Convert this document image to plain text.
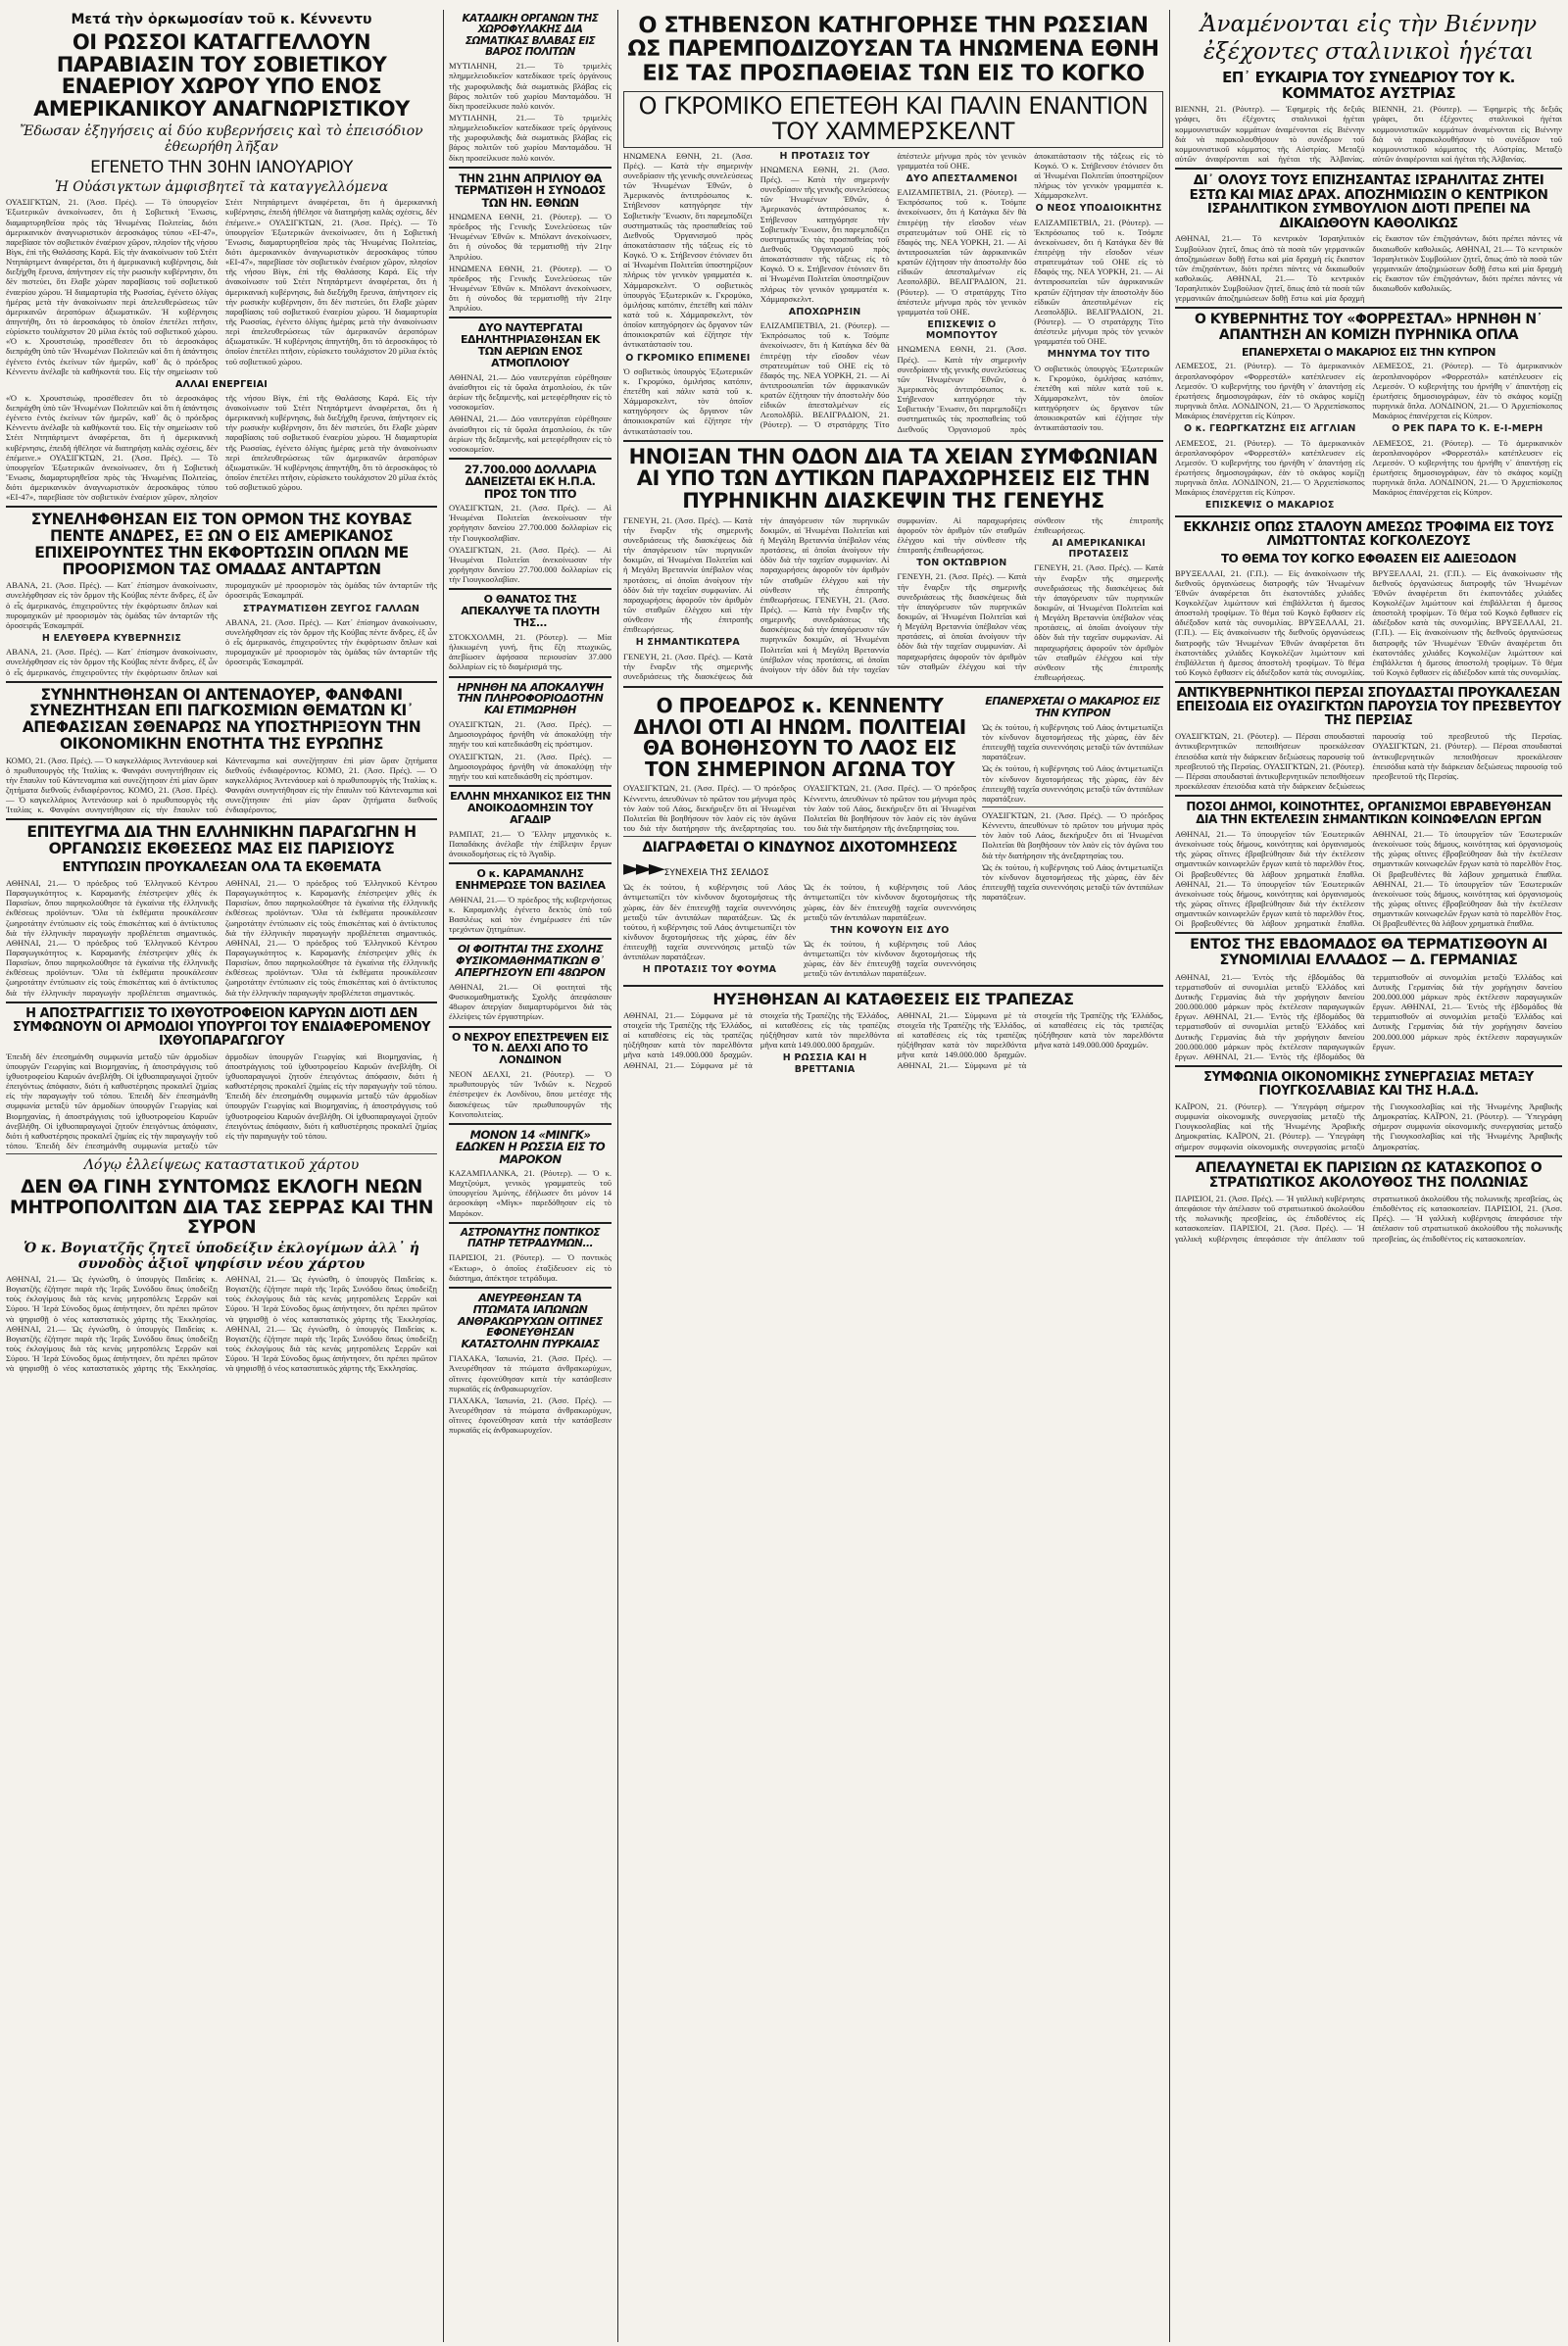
Μετά τὴν ὁρκωμοσίαν τοῦ κ. Κέννεντυ
ΟΙ ΡΩΣΣΟΙ ΚΑΤΑΓΓΕΛΛΟΥΝ ΠΑΡΑΒΙΑΣΙΝ ΤΟΥ ΣΟΒΙΕΤΙΚΟΥ ΕΝΑΕΡΙΟΥ ΧΩΡΟΥ ΥΠΟ ΕΝΟΣ ΑΜΕΡΙΚΑΝΙΚΟΥ ΑΝΑΓΝΩΡΙΣΤΙΚΟΥ
Ἔδωσαν ἐξηγήσεις αἱ δύο κυβερνήσεις καὶ τὸ ἐπεισόδιον ἐθεωρήθη λῆξαν
ΕΓΕΝΕΤΟ ΤΗΝ 30ΗΝ ΙΑΝΟΥΑΡΙΟΥ
Ἡ Οὐάσιγκτων ἀμφισβητεῖ τὰ καταγγελλόμενα
ΟΥΑΣΙΓΚΤΩΝ, 21. (Ἀσσ. Πρές). — Τὸ ὑπουργεῖον Ἐξωτερικῶν ἀνεκοίνωσεν, ὅτι ἡ Σοβιετικὴ Ἕνωσις, διαμαρτυρηθεῖσα πρὸς τὰς Ἡνωμένας Πολιτείας, διότι ἀμερικανικὸν ἀναγνωριστικὸν ἀεροσκάφος τύπου «ΕΙ-47», παρεβίασε τὸν σοβιετικὸν ἐναέριον χῶρον, πλησίον τῆς νήσου Βὶγκ, ἐπὶ τῆς Θαλάσσης Καρά. Εἰς τὴν ἀνακοίνωσιν τοῦ Στέιτ Ντηπάρτμεντ ἀναφέρεται, ὅτι ἡ ἀμερικανικὴ κυβέρνησις, διὰ διεξήχθη ἔρευνα, ἀπήντησεν εἰς τὴν ρωσικὴν κυβέρνησιν, ὅτι δὲν πιστεύει, ὅτι ἔλαβε χώραν παραβίασις τοῦ σοβιετικοῦ ἐναερίου χώρου. Ἡ διαμαρτυρία τῆς Ρωσσίας, ἐγένετο ὀλίγας ἡμέρας μετὰ τὴν ἀνακοίνωσιν περὶ ἀπελευθερώσεως τῶν ἀμερικανῶν ἀεροπόρων ἀξιωματικῶν. Ἡ κυβέρνησις ἀπηντήθη, ὅτι τὸ ἀεροσκάφος τὸ ὁποῖον ἐπετέλει πτῆσιν, εὑρίσκετο τουλάχιστον 20 μίλια ἐκτὸς τοῦ σοβιετικοῦ χώρου. «Ὁ κ. Χρουστσιώφ, προσέθεσεν ὅτι τὸ ἀεροσκάφος διεπράχθη ὑπὸ τῶν Ἡνωμένων Πολιτειῶν καὶ ὅτι ἡ ἀπάντησις ἐγένετο ἐντὸς ἐκείνων τῶν ἡμερῶν, καθ᾽ ἃς ὁ πρόεδρος Κέννεντυ ἀνέλαβε τὰ καθήκοντά του. Εἰς τὴν σημείωσιν τοῦ Στέιτ Ντηπάρτμεντ ἀναφέρεται, ὅτι ἡ ἀμερικανικὴ κυβέρνησις, ἐπειδὴ ἠθέλησε νὰ διατηρήσῃ καλὰς σχέσεις, δὲν ἐπέμεινε.» ΟΥΑΣΙΓΚΤΩΝ, 21. (Ἀσσ. Πρές). — Τὸ ὑπουργεῖον Ἐξωτερικῶν ἀνεκοίνωσεν, ὅτι ἡ Σοβιετικὴ Ἕνωσις, διαμαρτυρηθεῖσα πρὸς τὰς Ἡνωμένας Πολιτείας, διότι ἀμερικανικὸν ἀναγνωριστικὸν ἀεροσκάφος τύπου «ΕΙ-47», παρεβίασε τὸν σοβιετικὸν ἐναέριον χῶρον, πλησίον τῆς νήσου Βὶγκ, ἐπὶ τῆς Θαλάσσης Καρά. Εἰς τὴν ἀνακοίνωσιν τοῦ Στέιτ Ντηπάρτμεντ ἀναφέρεται, ὅτι ἡ ἀμερικανικὴ κυβέρνησις, διὰ διεξήχθη ἔρευνα, ἀπήντησεν εἰς τὴν ρωσικὴν κυβέρνησιν, ὅτι δὲν πιστεύει, ὅτι ἔλαβε χώραν παραβίασις τοῦ σοβιετικοῦ ἐναερίου χώρου. Ἡ διαμαρτυρία τῆς Ρωσσίας, ἐγένετο ὀλίγας ἡμέρας μετὰ τὴν ἀνακοίνωσιν περὶ ἀπελευθερώσεως τῶν ἀμερικανῶν ἀεροπόρων ἀξιωματικῶν. Ἡ κυβέρνησις ἀπηντήθη, ὅτι τὸ ἀεροσκάφος τὸ ὁποῖον ἐπετέλει πτῆσιν, εὑρίσκετο τουλάχιστον 20 μίλια ἐκτὸς τοῦ σοβιετικοῦ χώρου.
ΑΛΛΑΙ ΕΝΕΡΓΕΙΑΙ
«Ὁ κ. Χρουστσιώφ, προσέθεσεν ὅτι τὸ ἀεροσκάφος διεπράχθη ὑπὸ τῶν Ἡνωμένων Πολιτειῶν καὶ ὅτι ἡ ἀπάντησις ἐγένετο ἐντὸς ἐκείνων τῶν ἡμερῶν, καθ᾽ ἃς ὁ πρόεδρος Κέννεντυ ἀνέλαβε τὰ καθήκοντά του. Εἰς τὴν σημείωσιν τοῦ Στέιτ Ντηπάρτμεντ ἀναφέρεται, ὅτι ἡ ἀμερικανικὴ κυβέρνησις, ἐπειδὴ ἠθέλησε νὰ διατηρήσῃ καλὰς σχέσεις, δὲν ἐπέμεινε.» ΟΥΑΣΙΓΚΤΩΝ, 21. (Ἀσσ. Πρές). — Τὸ ὑπουργεῖον Ἐξωτερικῶν ἀνεκοίνωσεν, ὅτι ἡ Σοβιετικὴ Ἕνωσις, διαμαρτυρηθεῖσα πρὸς τὰς Ἡνωμένας Πολιτείας, διότι ἀμερικανικὸν ἀναγνωριστικὸν ἀεροσκάφος τύπου «ΕΙ-47», παρεβίασε τὸν σοβιετικὸν ἐναέριον χῶρον, πλησίον τῆς νήσου Βὶγκ, ἐπὶ τῆς Θαλάσσης Καρά. Εἰς τὴν ἀνακοίνωσιν τοῦ Στέιτ Ντηπάρτμεντ ἀναφέρεται, ὅτι ἡ ἀμερικανικὴ κυβέρνησις, διὰ διεξήχθη ἔρευνα, ἀπήντησεν εἰς τὴν ρωσικὴν κυβέρνησιν, ὅτι δὲν πιστεύει, ὅτι ἔλαβε χώραν παραβίασις τοῦ σοβιετικοῦ ἐναερίου χώρου. Ἡ διαμαρτυρία τῆς Ρωσσίας, ἐγένετο ὀλίγας ἡμέρας μετὰ τὴν ἀνακοίνωσιν περὶ ἀπελευθερώσεως τῶν ἀμερικανῶν ἀεροπόρων ἀξιωματικῶν. Ἡ κυβέρνησις ἀπηντήθη, ὅτι τὸ ἀεροσκάφος τὸ ὁποῖον ἐπετέλει πτῆσιν, εὑρίσκετο τουλάχιστον 20 μίλια ἐκτὸς τοῦ σοβιετικοῦ χώρου.
ΣΥΝΕΛΗΦΘΗΣΑΝ ΕΙΣ ΤΟΝ ΟΡΜΟΝ ΤΗΣ ΚΟΥΒΑΣ ΠΕΝΤΕ ΑΝΔΡΕΣ, ΕΞ ΩΝ Ο ΕΙΣ ΑΜΕΡΙΚΑΝΟΣ ΕΠΙΧΕΙΡΟΥΝΤΕΣ ΤΗΝ ΕΚΦΟΡΤΩΣΙΝ ΟΠΛΩΝ ΜΕ ΠΡΟΟΡΙΣΜΟΝ ΤΑΣ ΟΜΑΔΑΣ ΑΝΤΑΡΤΩΝ
ΑΒΑΝΑ, 21. (Ἀσσ. Πρές). — Κατ᾽ ἐπίσημον ἀνακοίνωσιν, συνελήφθησαν εἰς τὸν ὅρμον τῆς Κούβας πέντε ἄνδρες, ἐξ ὧν ὁ εἷς ἀμερικανός, ἐπιχειροῦντες τὴν ἐκφόρτωσιν ὅπλων καὶ πυρομαχικῶν μὲ προορισμὸν τὰς ὁμάδας τῶν ἀνταρτῶν τῆς ὀροσειρᾶς Ἐσκαμπράϊ.
Η ΕΛΕΥΘΕΡΑ ΚΥΒΕΡΝΗΣΙΣ
ΑΒΑΝΑ, 21. (Ἀσσ. Πρές). — Κατ᾽ ἐπίσημον ἀνακοίνωσιν, συνελήφθησαν εἰς τὸν ὅρμον τῆς Κούβας πέντε ἄνδρες, ἐξ ὧν ὁ εἷς ἀμερικανός, ἐπιχειροῦντες τὴν ἐκφόρτωσιν ὅπλων καὶ πυρομαχικῶν μὲ προορισμὸν τὰς ὁμάδας τῶν ἀνταρτῶν τῆς ὀροσειρᾶς Ἐσκαμπράϊ.
ΣΤΡΑΥΜΑΤΙΣΘΗ ΖΕΥΓΟΣ ΓΑΛΛΩΝ
ΑΒΑΝΑ, 21. (Ἀσσ. Πρές). — Κατ᾽ ἐπίσημον ἀνακοίνωσιν, συνελήφθησαν εἰς τὸν ὅρμον τῆς Κούβας πέντε ἄνδρες, ἐξ ὧν ὁ εἷς ἀμερικανός, ἐπιχειροῦντες τὴν ἐκφόρτωσιν ὅπλων καὶ πυρομαχικῶν μὲ προορισμὸν τὰς ὁμάδας τῶν ἀνταρτῶν τῆς ὀροσειρᾶς Ἐσκαμπράϊ.
ΣΥΝΗΝΤΗΘΗΣΑΝ ΟΙ ΑΝΤΕΝΑΟΥΕΡ, ΦΑΝΦΑΝΙ ΣΥΝΕΖΗΤΗΣΑΝ ΕΠΙ ΠΑΓΚΟΣΜΙΩΝ ΘΕΜΑΤΩΝ ΚΙ᾽ ΑΠΕΦΑΣΙΣΑΝ ΣΘΕΝΑΡΩΣ ΝΑ ΥΠΟΣΤΗΡΙΞΟΥΝ ΤΗΝ ΟΙΚΟΝΟΜΙΚΗΝ ΕΝΟΤΗΤΑ ΤΗΣ ΕΥΡΩΠΗΣ
ΚΟΜΟ, 21. (Ἀσσ. Πρές). — Ὁ καγκελλάριος Ἀντενάουερ καὶ ὁ πρωθυπουργὸς τῆς Ἰταλίας κ. Φανφάνι συνηντήθησαν εἰς τὴν ἔπαυλιν τοῦ Κάντεναμπια καὶ συνεζήτησαν ἐπὶ μίαν ὥραν ζητήματα διεθνοῦς ἐνδιαφέροντος. ΚΟΜΟ, 21. (Ἀσσ. Πρές). — Ὁ καγκελλάριος Ἀντενάουερ καὶ ὁ πρωθυπουργὸς τῆς Ἰταλίας κ. Φανφάνι συνηντήθησαν εἰς τὴν ἔπαυλιν τοῦ Κάντεναμπια καὶ συνεζήτησαν ἐπὶ μίαν ὥραν ζητήματα διεθνοῦς ἐνδιαφέροντος. ΚΟΜΟ, 21. (Ἀσσ. Πρές). — Ὁ καγκελλάριος Ἀντενάουερ καὶ ὁ πρωθυπουργὸς τῆς Ἰταλίας κ. Φανφάνι συνηντήθησαν εἰς τὴν ἔπαυλιν τοῦ Κάντεναμπια καὶ συνεζήτησαν ἐπὶ μίαν ὥραν ζητήματα διεθνοῦς ἐνδιαφέροντος.
ΕΠΙΤΕΥΓΜΑ ΔΙΑ ΤΗΝ ΕΛΛΗΝΙΚΗΝ ΠΑΡΑΓΩΓΗΝ Η ΟΡΓΑΝΩΣΙΣ ΕΚΘΕΣΕΩΣ ΜΑΣ ΕΙΣ ΠΑΡΙΣΙΟΥΣ
ΕΝΤΥΠΩΣΙΝ ΠΡΟΥΚΑΛΕΣΑΝ ΟΛΑ ΤΑ ΕΚΘΕΜΑΤΑ
ΑΘΗΝΑΙ, 21.— Ὁ πρόεδρος τοῦ Ἑλληνικοῦ Κέντρου Παραγωγικότητος κ. Καραμανῆς ἐπέστρεψεν χθὲς ἐκ Παρισίων, ὅπου παρηκολούθησε τὰ ἐγκαίνια τῆς ἑλληνικῆς ἐκθέσεως προϊόντων. Ὅλα τὰ ἐκθέματα προυκάλεσαν ζωηροτάτην ἐντύπωσιν εἰς τοὺς ἐπισκέπτας καὶ ὁ ἀντίκτυπος διὰ τὴν ἑλληνικὴν παραγωγὴν προβλέπεται σημαντικός. ΑΘΗΝΑΙ, 21.— Ὁ πρόεδρος τοῦ Ἑλληνικοῦ Κέντρου Παραγωγικότητος κ. Καραμανῆς ἐπέστρεψεν χθὲς ἐκ Παρισίων, ὅπου παρηκολούθησε τὰ ἐγκαίνια τῆς ἑλληνικῆς ἐκθέσεως προϊόντων. Ὅλα τὰ ἐκθέματα προυκάλεσαν ζωηροτάτην ἐντύπωσιν εἰς τοὺς ἐπισκέπτας καὶ ὁ ἀντίκτυπος διὰ τὴν ἑλληνικὴν παραγωγὴν προβλέπεται σημαντικός. ΑΘΗΝΑΙ, 21.— Ὁ πρόεδρος τοῦ Ἑλληνικοῦ Κέντρου Παραγωγικότητος κ. Καραμανῆς ἐπέστρεψεν χθὲς ἐκ Παρισίων, ὅπου παρηκολούθησε τὰ ἐγκαίνια τῆς ἑλληνικῆς ἐκθέσεως προϊόντων. Ὅλα τὰ ἐκθέματα προυκάλεσαν ζωηροτάτην ἐντύπωσιν εἰς τοὺς ἐπισκέπτας καὶ ὁ ἀντίκτυπος διὰ τὴν ἑλληνικὴν παραγωγὴν προβλέπεται σημαντικός. ΑΘΗΝΑΙ, 21.— Ὁ πρόεδρος τοῦ Ἑλληνικοῦ Κέντρου Παραγωγικότητος κ. Καραμανῆς ἐπέστρεψεν χθὲς ἐκ Παρισίων, ὅπου παρηκολούθησε τὰ ἐγκαίνια τῆς ἑλληνικῆς ἐκθέσεως προϊόντων. Ὅλα τὰ ἐκθέματα προυκάλεσαν ζωηροτάτην ἐντύπωσιν εἰς τοὺς ἐπισκέπτας καὶ ὁ ἀντίκτυπος διὰ τὴν ἑλληνικὴν παραγωγὴν προβλέπεται σημαντικός.
Η ΑΠΟΣΤΡΑΓΓΙΣΙΣ ΤΟ ΙΧΘΥΟΤΡΟΦΕΙΟΝ ΚΑΡΥΩΝ ΔΙΟΤΙ ΔΕΝ ΣΥΜΦΩΝΟΥΝ ΟΙ ΑΡΜΟΔΙΟΙ ΥΠΟΥΡΓΟΙ ΤΟΥ ΕΝΔΙΑΦΕΡΟΜΕΝΟΥ ΙΧΘΥΟΠΑΡΑΓΩΓΟΥ
Ἐπειδὴ δὲν ἐπεσημάνθη συμφωνία μεταξὺ τῶν ἁρμοδίων ὑπουργῶν Γεωργίας καὶ Βιομηχανίας, ἡ ἀποστράγγισις τοῦ ἰχθυοτροφείου Καρυῶν ἀνεβλήθη. Οἱ ἰχθυοπαραγωγοὶ ζητοῦν ἐπειγόντως ἀπόφασιν, διότι ἡ καθυστέρησις προκαλεῖ ζημίας εἰς τὴν παραγωγὴν τοῦ τόπου. Ἐπειδὴ δὲν ἐπεσημάνθη συμφωνία μεταξὺ τῶν ἁρμοδίων ὑπουργῶν Γεωργίας καὶ Βιομηχανίας, ἡ ἀποστράγγισις τοῦ ἰχθυοτροφείου Καρυῶν ἀνεβλήθη. Οἱ ἰχθυοπαραγωγοὶ ζητοῦν ἐπειγόντως ἀπόφασιν, διότι ἡ καθυστέρησις προκαλεῖ ζημίας εἰς τὴν παραγωγὴν τοῦ τόπου. Ἐπειδὴ δὲν ἐπεσημάνθη συμφωνία μεταξὺ τῶν ἁρμοδίων ὑπουργῶν Γεωργίας καὶ Βιομηχανίας, ἡ ἀποστράγγισις τοῦ ἰχθυοτροφείου Καρυῶν ἀνεβλήθη. Οἱ ἰχθυοπαραγωγοὶ ζητοῦν ἐπειγόντως ἀπόφασιν, διότι ἡ καθυστέρησις προκαλεῖ ζημίας εἰς τὴν παραγωγὴν τοῦ τόπου. Ἐπειδὴ δὲν ἐπεσημάνθη συμφωνία μεταξὺ τῶν ἁρμοδίων ὑπουργῶν Γεωργίας καὶ Βιομηχανίας, ἡ ἀποστράγγισις τοῦ ἰχθυοτροφείου Καρυῶν ἀνεβλήθη. Οἱ ἰχθυοπαραγωγοὶ ζητοῦν ἐπειγόντως ἀπόφασιν, διότι ἡ καθυστέρησις προκαλεῖ ζημίας εἰς τὴν παραγωγὴν τοῦ τόπου.
Λόγῳ ἐλλείψεως καταστατικοῦ χάρτου
ΔΕΝ ΘΑ ΓΙΝΗ ΣΥΝΤΟΜΩΣ ΕΚΛΟΓΗ ΝΕΩΝ ΜΗΤΡΟΠΟΛΙΤΩΝ ΔΙΑ ΤΑΣ ΣΕΡΡΑΣ ΚΑΙ ΤΗΝ ΣΥΡΟΝ
Ὁ κ. Βογιατζῆς ζητεῖ ὑποδείξιν ἐκλογίμων ἀλλ᾽ ἡ συνοδὸς ἀξιοῖ ψηφίσιν νέου χάρτου
ΑΘΗΝΑΙ, 21.— Ὡς ἐγνώσθη, ὁ ὑπουργὸς Παιδείας κ. Βογιατζῆς ἐζήτησε παρὰ τῆς Ἱερᾶς Συνόδου ὅπως ὑποδείξῃ τοὺς ἐκλογίμους διὰ τὰς κενὰς μητροπόλεις Σερρῶν καὶ Σύρου. Ἡ Ἱερὰ Σύνοδος ὅμως ἀπήντησεν, ὅτι πρέπει πρῶτον νὰ ψηφισθῇ ὁ νέος καταστατικὸς χάρτης τῆς Ἐκκλησίας. ΑΘΗΝΑΙ, 21.— Ὡς ἐγνώσθη, ὁ ὑπουργὸς Παιδείας κ. Βογιατζῆς ἐζήτησε παρὰ τῆς Ἱερᾶς Συνόδου ὅπως ὑποδείξῃ τοὺς ἐκλογίμους διὰ τὰς κενὰς μητροπόλεις Σερρῶν καὶ Σύρου. Ἡ Ἱερὰ Σύνοδος ὅμως ἀπήντησεν, ὅτι πρέπει πρῶτον νὰ ψηφισθῇ ὁ νέος καταστατικὸς χάρτης τῆς Ἐκκλησίας. ΑΘΗΝΑΙ, 21.— Ὡς ἐγνώσθη, ὁ ὑπουργὸς Παιδείας κ. Βογιατζῆς ἐζήτησε παρὰ τῆς Ἱερᾶς Συνόδου ὅπως ὑποδείξῃ τοὺς ἐκλογίμους διὰ τὰς κενὰς μητροπόλεις Σερρῶν καὶ Σύρου. Ἡ Ἱερὰ Σύνοδος ὅμως ἀπήντησεν, ὅτι πρέπει πρῶτον νὰ ψηφισθῇ ὁ νέος καταστατικὸς χάρτης τῆς Ἐκκλησίας. ΑΘΗΝΑΙ, 21.— Ὡς ἐγνώσθη, ὁ ὑπουργὸς Παιδείας κ. Βογιατζῆς ἐζήτησε παρὰ τῆς Ἱερᾶς Συνόδου ὅπως ὑποδείξῃ τοὺς ἐκλογίμους διὰ τὰς κενὰς μητροπόλεις Σερρῶν καὶ Σύρου. Ἡ Ἱερὰ Σύνοδος ὅμως ἀπήντησεν, ὅτι πρέπει πρῶτον νὰ ψηφισθῇ ὁ νέος καταστατικὸς χάρτης τῆς Ἐκκλησίας.
ΚΑΤΑΔΙΚΗ ΟΡΓΑΝΩΝ ΤΗΣ ΧΩΡΟΦΥΛΑΚΗΣ ΔΙΑ ΣΩΜΑΤΙΚΑΣ ΒΛΑΒΑΣ ΕΙΣ ΒΑΡΟΣ ΠΟΛΙΤΩΝ
ΜΥΤΙΛΗΝΗ, 21.— Τὸ τριμελὲς πλημμελειοδικεῖον κατεδίκασε τρεῖς ὀργάνους τῆς χωροφυλακῆς διὰ σωματικὰς βλάβας εἰς βάρος πολιτῶν τοῦ χωρίου Μανταμάδου. Ἡ δίκη προσείλκυσε πολὺ κοινόν.
ΜΥΤΙΛΗΝΗ, 21.— Τὸ τριμελὲς πλημμελειοδικεῖον κατεδίκασε τρεῖς ὀργάνους τῆς χωροφυλακῆς διὰ σωματικὰς βλάβας εἰς βάρος πολιτῶν τοῦ χωρίου Μανταμάδου. Ἡ δίκη προσείλκυσε πολὺ κοινόν.
ΤΗΝ 21ΗΝ ΑΠΡΙΛΙΟΥ ΘΑ ΤΕΡΜΑΤΙΣΘΗ Η ΣΥΝΟΔΟΣ ΤΩΝ ΗΝ. ΕΘΝΩΝ
ΗΝΩΜΕΝΑ ΕΘΝΗ, 21. (Ρόυτερ). — Ὁ πρόεδρος τῆς Γενικῆς Συνελεύσεως τῶν Ἡνωμένων Ἐθνῶν κ. Μπόλαντ ἀνεκοίνωσεν, ὅτι ἡ σύνοδος θὰ τερματισθῇ τὴν 21ην Ἀπριλίου.
ΗΝΩΜΕΝΑ ΕΘΝΗ, 21. (Ρόυτερ). — Ὁ πρόεδρος τῆς Γενικῆς Συνελεύσεως τῶν Ἡνωμένων Ἐθνῶν κ. Μπόλαντ ἀνεκοίνωσεν, ὅτι ἡ σύνοδος θὰ τερματισθῇ τὴν 21ην Ἀπριλίου.
ΔΥΟ ΝΑΥΤΕΡΓΑΤΑΙ ΕΔΗΛΗΤΗΡΙΑΣΘΗΣΑΝ ΕΚ ΤΩΝ ΑΕΡΙΩΝ ΕΝΟΣ ΑΤΜΟΠΛΟΙΟΥ
ΑΘΗΝΑΙ, 21.— Δύο ναυτεργάται εὑρέθησαν ἀναίσθητοι εἰς τὰ ὕφαλα ἀτμοπλοίου, ἐκ τῶν ἀερίων τῆς δεξαμενῆς, καὶ μετεφέρθησαν εἰς τὸ νοσοκομεῖον.
ΑΘΗΝΑΙ, 21.— Δύο ναυτεργάται εὑρέθησαν ἀναίσθητοι εἰς τὰ ὕφαλα ἀτμοπλοίου, ἐκ τῶν ἀερίων τῆς δεξαμενῆς, καὶ μετεφέρθησαν εἰς τὸ νοσοκομεῖον.
27.700.000 ΔΟΛΛΑΡΙΑ ΔΑΝΕΙΖΕΤΑΙ ΕΚ Η.Π.Α. ΠΡΟΣ ΤΟΝ ΤΙΤΟ
ΟΥΑΣΙΓΚΤΩΝ, 21. (Ἀσσ. Πρές). — Αἱ Ἡνωμέναι Πολιτεῖαι ἀνεκοίνωσαν τὴν χορήγησιν δανείου 27.700.000 δολλαρίων εἰς τὴν Γιουγκοσλαβίαν.
ΟΥΑΣΙΓΚΤΩΝ, 21. (Ἀσσ. Πρές). — Αἱ Ἡνωμέναι Πολιτεῖαι ἀνεκοίνωσαν τὴν χορήγησιν δανείου 27.700.000 δολλαρίων εἰς τὴν Γιουγκοσλαβίαν.
Ο ΘΑΝΑΤΟΣ ΤΗΣ ΑΠΕΚΑΛΥΨΕ ΤΑ ΠΛΟΥΤΗ ΤΗΣ...
ΣΤΟΚΧΟΛΜΗ, 21. (Ρόυτερ). — Μία ἡλικιωμένη γυνή, ἥτις ἔζη πτωχικῶς, ἀπεβίωσεν ἀφήσασα περιουσίαν 37.000 δολλαρίων εἰς τὸ διαμέρισμά της.
ΗΡΝΗΘΗ ΝΑ ΑΠΟΚΑΛΥΨΗ ΤΗΝ ΠΛΗΡΟΦΟΡΙΟΔΟΤΗΝ ΚΑΙ ΕΤΙΜΩΡΗΘΗ
ΟΥΑΣΙΓΚΤΩΝ, 21. (Ἀσσ. Πρές). — Δημοσιογράφος ἠρνήθη νὰ ἀποκαλύψῃ τὴν πηγήν του καὶ κατεδικάσθη εἰς πρόστιμον.
ΟΥΑΣΙΓΚΤΩΝ, 21. (Ἀσσ. Πρές). — Δημοσιογράφος ἠρνήθη νὰ ἀποκαλύψῃ τὴν πηγήν του καὶ κατεδικάσθη εἰς πρόστιμον.
ΕΛΛΗΝ ΜΗΧΑΝΙΚΟΣ ΕΙΣ ΤΗΝ ΑΝΟΙΚΟΔΟΜΗΣΙΝ ΤΟΥ ΑΓΑΔΙΡ
ΡΑΜΠΑΤ, 21.— Ὁ Ἕλλην μηχανικὸς κ. Παπαδάκης ἀνέλαβε τὴν ἐπίβλεψιν ἔργων ἀνοικοδομήσεως εἰς τὸ Ἀγαδίρ.
Ο κ. ΚΑΡΑΜΑΝΛΗΣ ΕΝΗΜΕΡΩΣΕ ΤΟΝ ΒΑΣΙΛΕΑ
ΑΘΗΝΑΙ, 21.— Ὁ πρόεδρος τῆς κυβερνήσεως κ. Καραμανλῆς ἐγένετο δεκτὸς ὑπὸ τοῦ Βασιλέως καὶ τὸν ἐνημέρωσεν ἐπὶ τῶν τρεχόντων ζητημάτων.
ΟΙ ΦΟΙΤΗΤΑΙ ΤΗΣ ΣΧΟΛΗΣ ΦΥΣΙΚΟΜΑΘΗΜΑΤΙΚΩΝ Θ᾽ ΑΠΕΡΓΗΣΟΥΝ ΕΠΙ 48ΩΡΟΝ
ΑΘΗΝΑΙ, 21.— Οἱ φοιτηταὶ τῆς Φυσικομαθηματικῆς Σχολῆς ἀπεφάσισαν 48ωρον ἀπεργίαν διαμαρτυρόμενοι διὰ τὰς ἐλλείψεις τῶν ἐργαστηρίων.
Ο ΝΕΧΡΟΥ ΕΠΕΣΤΡΕΨΕΝ ΕΙΣ ΤΟ Ν. ΔΕΛΧΙ ΑΠΟ ΤΟ ΛΟΝΔΙΝΟΝ
ΝΕΟΝ ΔΕΛΧΙ, 21. (Ρόυτερ). — Ὁ πρωθυπουργὸς τῶν Ἰνδιῶν κ. Νεχροῦ ἐπέστρεψεν ἐκ Λονδίνου, ὅπου μετέσχε τῆς διασκέψεως τῶν πρωθυπουργῶν τῆς Κοινοπολιτείας.
ΜΟΝΟΝ 14 «ΜΙΝΓΚ» ΕΔΩΚΕΝ Η ΡΩΣΣΙΑ ΕΙΣ ΤΟ ΜΑΡΟΚΟΝ
ΚΑΖΑΜΠΛΑΝΚΑ, 21. (Ρόυτερ). — Ὁ κ. Μαχτζούμπ, γενικὸς γραμματεὺς τοῦ ὑπουργείου Ἀμύνης, ἐδήλωσεν ὅτι μόνον 14 ἀεροσκάφη «Μὶγκ» παρεδόθησαν εἰς τὸ Μαρόκον.
ΑΣΤΡΟΝΑΥΤΗΣ ΠΟΝΤΙΚΟΣ ΠΑΤΗΡ ΤΕΤΡΑΔΥΜΩΝ...
ΠΑΡΙΣΙΟΙ, 21. (Ρόυτερ). — Ὁ ποντικὸς «Ἑκτωρ», ὁ ὁποῖος ἐταξίδευσεν εἰς τὸ διάστημα, ἀπέκτησε τετράδυμα.
ΑΝΕΥΡΕΘΗΣΑΝ ΤΑ ΠΤΩΜΑΤΑ ΙΑΠΩΝΩΝ ΑΝΘΡΑΚΩΡΥΧΩΝ ΟΙΤΙΝΕΣ ΕΦΟΝΕΥΘΗΣΑΝ ΚΑΤΑΣΤΟΛΗΝ ΠΥΡΚΑΙΑΣ
ΓΙΑΧΑΚΑ, Ἰαπωνία, 21. (Ἀσσ. Πρές). — Ἀνευρέθησαν τὰ πτώματα ἀνθρακωρύχων, οἵτινες ἐφονεύθησαν κατὰ τὴν κατάσβεσιν πυρκαϊᾶς εἰς ἀνθρακωρυχεῖον.
ΓΙΑΧΑΚΑ, Ἰαπωνία, 21. (Ἀσσ. Πρές). — Ἀνευρέθησαν τὰ πτώματα ἀνθρακωρύχων, οἵτινες ἐφονεύθησαν κατὰ τὴν κατάσβεσιν πυρκαϊᾶς εἰς ἀνθρακωρυχεῖον.
Ο ΣΤΗΒΕΝΣΟΝ ΚΑΤΗΓΟΡΗΣΕ ΤΗΝ ΡΩΣΣΙΑΝ ΩΣ ΠΑΡΕΜΠΟΔΙΖΟΥΣΑΝ ΤΑ ΗΝΩΜΕΝΑ ΕΘΝΗ ΕΙΣ ΤΑΣ ΠΡΟΣΠΑΘΕΙΑΣ ΤΩΝ ΕΙΣ ΤΟ ΚΟΓΚΟ
Ο ΓΚΡΟΜΙΚΟ ΕΠΕΤΕΘΗ ΚΑΙ ΠΑΛΙΝ ΕΝΑΝΤΙΟΝ ΤΟΥ ΧΑΜΜΕΡΣΚΕΛΝΤ
ΗΝΩΜΕΝΑ ΕΘΝΗ, 21. (Ἀσσ. Πρές). — Κατὰ τὴν σημερινὴν συνεδρίασιν τῆς γενικῆς συνελεύσεως τῶν Ἡνωμένων Ἐθνῶν, ὁ Ἀμερικανὸς ἀντιπρόσωπος κ. Στήβενσον κατηγόρησε τὴν Σοβιετικὴν Ἕνωσιν, ὅτι παρεμποδίζει συστηματικῶς τὰς προσπαθείας τοῦ Διεθνοῦς Ὀργανισμοῦ πρὸς ἀποκατάστασιν τῆς τάξεως εἰς τὸ Κογκό. Ὁ κ. Στήβενσον ἐτόνισεν ὅτι αἱ Ἡνωμέναι Πολιτεῖαι ὑποστηρίζουν πλήρως τὸν γενικὸν γραμματέα κ. Χάμμαρσκελντ. Ὁ σοβιετικὸς ὑπουργὸς Ἐξωτερικῶν κ. Γκρομύκο, ὁμιλήσας κατόπιν, ἐπετέθη καὶ πάλιν κατὰ τοῦ κ. Χάμμαρσκελντ, τὸν ὁποῖον κατηγόρησεν ὡς ὄργανον τῶν ἀποικιοκρατῶν καὶ ἐζήτησε τὴν ἀντικατάστασίν του.
Ο ΓΚΡΟΜΙΚΟ ΕΠΙΜΕΝΕΙ
Ὁ σοβιετικὸς ὑπουργὸς Ἐξωτερικῶν κ. Γκρομύκο, ὁμιλήσας κατόπιν, ἐπετέθη καὶ πάλιν κατὰ τοῦ κ. Χάμμαρσκελντ, τὸν ὁποῖον κατηγόρησεν ὡς ὄργανον τῶν ἀποικιοκρατῶν καὶ ἐζήτησε τὴν ἀντικατάστασίν του.
Η ΠΡΟΤΑΣΙΣ ΤΟΥ
ΗΝΩΜΕΝΑ ΕΘΝΗ, 21. (Ἀσσ. Πρές). — Κατὰ τὴν σημερινὴν συνεδρίασιν τῆς γενικῆς συνελεύσεως τῶν Ἡνωμένων Ἐθνῶν, ὁ Ἀμερικανὸς ἀντιπρόσωπος κ. Στήβενσον κατηγόρησε τὴν Σοβιετικὴν Ἕνωσιν, ὅτι παρεμποδίζει συστηματικῶς τὰς προσπαθείας τοῦ Διεθνοῦς Ὀργανισμοῦ πρὸς ἀποκατάστασιν τῆς τάξεως εἰς τὸ Κογκό. Ὁ κ. Στήβενσον ἐτόνισεν ὅτι αἱ Ἡνωμέναι Πολιτεῖαι ὑποστηρίζουν πλήρως τὸν γενικὸν γραμματέα κ. Χάμμαρσκελντ.
ΑΠΟΧΩΡΗΣΙΝ
ΕΛΙΖΑΜΠΕΤΒΙΛ, 21. (Ρόυτερ). — Ἐκπρόσωπος τοῦ κ. Τσόμπε ἀνεκοίνωσεν, ὅτι ἡ Κατάγκα δὲν θὰ ἐπιτρέψῃ τὴν εἴσοδον νέων στρατευμάτων τοῦ ΟΗΕ εἰς τὸ ἔδαφός της. ΝΕΑ ΥΟΡΚΗ, 21. — Αἱ ἀντιπροσωπεῖαι τῶν ἀφρικανικῶν κρατῶν ἐζήτησαν τὴν ἀποστολὴν δύο εἰδικῶν ἀπεσταλμένων εἰς Λεοπολδβίλ. ΒΕΛΙΓΡΑΔΙΟΝ, 21. (Ρόυτερ). — Ὁ στρατάρχης Τίτο ἀπέστειλε μήνυμα πρὸς τὸν γενικὸν γραμματέα τοῦ ΟΗΕ.
ΔΥΟ ΑΠΕΣΤΑΛΜΕΝΟΙ
ΕΛΙΖΑΜΠΕΤΒΙΛ, 21. (Ρόυτερ). — Ἐκπρόσωπος τοῦ κ. Τσόμπε ἀνεκοίνωσεν, ὅτι ἡ Κατάγκα δὲν θὰ ἐπιτρέψῃ τὴν εἴσοδον νέων στρατευμάτων τοῦ ΟΗΕ εἰς τὸ ἔδαφός της. ΝΕΑ ΥΟΡΚΗ, 21. — Αἱ ἀντιπροσωπεῖαι τῶν ἀφρικανικῶν κρατῶν ἐζήτησαν τὴν ἀποστολὴν δύο εἰδικῶν ἀπεσταλμένων εἰς Λεοπολδβίλ. ΒΕΛΙΓΡΑΔΙΟΝ, 21. (Ρόυτερ). — Ὁ στρατάρχης Τίτο ἀπέστειλε μήνυμα πρὸς τὸν γενικὸν γραμματέα τοῦ ΟΗΕ.
ΕΠΙΣΚΕΨΙΣ Ο ΜΟΜΠΟΥΤΟΥ
ΗΝΩΜΕΝΑ ΕΘΝΗ, 21. (Ἀσσ. Πρές). — Κατὰ τὴν σημερινὴν συνεδρίασιν τῆς γενικῆς συνελεύσεως τῶν Ἡνωμένων Ἐθνῶν, ὁ Ἀμερικανὸς ἀντιπρόσωπος κ. Στήβενσον κατηγόρησε τὴν Σοβιετικὴν Ἕνωσιν, ὅτι παρεμποδίζει συστηματικῶς τὰς προσπαθείας τοῦ Διεθνοῦς Ὀργανισμοῦ πρὸς ἀποκατάστασιν τῆς τάξεως εἰς τὸ Κογκό. Ὁ κ. Στήβενσον ἐτόνισεν ὅτι αἱ Ἡνωμέναι Πολιτεῖαι ὑποστηρίζουν πλήρως τὸν γενικὸν γραμματέα κ. Χάμμαρσκελντ.
Ο ΝΕΟΣ ΥΠΟΔΙΟΙΚΗΤΗΣ
ΕΛΙΖΑΜΠΕΤΒΙΛ, 21. (Ρόυτερ). — Ἐκπρόσωπος τοῦ κ. Τσόμπε ἀνεκοίνωσεν, ὅτι ἡ Κατάγκα δὲν θὰ ἐπιτρέψῃ τὴν εἴσοδον νέων στρατευμάτων τοῦ ΟΗΕ εἰς τὸ ἔδαφός της. ΝΕΑ ΥΟΡΚΗ, 21. — Αἱ ἀντιπροσωπεῖαι τῶν ἀφρικανικῶν κρατῶν ἐζήτησαν τὴν ἀποστολὴν δύο εἰδικῶν ἀπεσταλμένων εἰς Λεοπολδβίλ. ΒΕΛΙΓΡΑΔΙΟΝ, 21. (Ρόυτερ). — Ὁ στρατάρχης Τίτο ἀπέστειλε μήνυμα πρὸς τὸν γενικὸν γραμματέα τοῦ ΟΗΕ.
ΜΗΝΥΜΑ ΤΟΥ ΤΙΤΟ
Ὁ σοβιετικὸς ὑπουργὸς Ἐξωτερικῶν κ. Γκρομύκο, ὁμιλήσας κατόπιν, ἐπετέθη καὶ πάλιν κατὰ τοῦ κ. Χάμμαρσκελντ, τὸν ὁποῖον κατηγόρησεν ὡς ὄργανον τῶν ἀποικιοκρατῶν καὶ ἐζήτησε τὴν ἀντικατάστασίν του.
ΗΝΟΙΞΑΝ ΤΗΝ ΟΔΟΝ ΔΙΑ ΤΑ ΧΕΙΑΝ ΣΥΜΦΩΝΙΑΝ ΑΙ ΥΠΟ ΤΩΝ ΔΥΤΙΚΩΝ ΠΑΡΑΧΩΡΗΣΕΙΣ ΕΙΣ ΤΗΝ ΠΥΡΗΝΙΚΗΝ ΔΙΑΣΚΕΨΙΝ ΤΗΣ ΓΕΝΕΥΗΣ
ΓΕΝΕΥΗ, 21. (Ἀσσ. Πρές). — Κατὰ τὴν ἔναρξιν τῆς σημερινῆς συνεδριάσεως τῆς διασκέψεως διὰ τὴν ἀπαγόρευσιν τῶν πυρηνικῶν δοκιμῶν, αἱ Ἡνωμέναι Πολιτεῖαι καὶ ἡ Μεγάλη Βρεταννία ὑπέβαλον νέας προτάσεις, αἱ ὁποῖαι ἀνοίγουν τὴν ὁδὸν διὰ τὴν ταχεῖαν συμφωνίαν. Αἱ παραχωρήσεις ἀφοροῦν τὸν ἀριθμὸν τῶν σταθμῶν ἐλέγχου καὶ τὴν σύνθεσιν τῆς ἐπιτροπῆς ἐπιθεωρήσεως.
Η ΣΗΜΑΝΤΙΚΩΤΕΡΑ
ΓΕΝΕΥΗ, 21. (Ἀσσ. Πρές). — Κατὰ τὴν ἔναρξιν τῆς σημερινῆς συνεδριάσεως τῆς διασκέψεως διὰ τὴν ἀπαγόρευσιν τῶν πυρηνικῶν δοκιμῶν, αἱ Ἡνωμέναι Πολιτεῖαι καὶ ἡ Μεγάλη Βρεταννία ὑπέβαλον νέας προτάσεις, αἱ ὁποῖαι ἀνοίγουν τὴν ὁδὸν διὰ τὴν ταχεῖαν συμφωνίαν. Αἱ παραχωρήσεις ἀφοροῦν τὸν ἀριθμὸν τῶν σταθμῶν ἐλέγχου καὶ τὴν σύνθεσιν τῆς ἐπιτροπῆς ἐπιθεωρήσεως. ΓΕΝΕΥΗ, 21. (Ἀσσ. Πρές). — Κατὰ τὴν ἔναρξιν τῆς σημερινῆς συνεδριάσεως τῆς διασκέψεως διὰ τὴν ἀπαγόρευσιν τῶν πυρηνικῶν δοκιμῶν, αἱ Ἡνωμέναι Πολιτεῖαι καὶ ἡ Μεγάλη Βρεταννία ὑπέβαλον νέας προτάσεις, αἱ ὁποῖαι ἀνοίγουν τὴν ὁδὸν διὰ τὴν ταχεῖαν συμφωνίαν. Αἱ παραχωρήσεις ἀφοροῦν τὸν ἀριθμὸν τῶν σταθμῶν ἐλέγχου καὶ τὴν σύνθεσιν τῆς ἐπιτροπῆς ἐπιθεωρήσεως.
ΤΟΝ ΟΚΤΩΒΡΙΟΝ
ΓΕΝΕΥΗ, 21. (Ἀσσ. Πρές). — Κατὰ τὴν ἔναρξιν τῆς σημερινῆς συνεδριάσεως τῆς διασκέψεως διὰ τὴν ἀπαγόρευσιν τῶν πυρηνικῶν δοκιμῶν, αἱ Ἡνωμέναι Πολιτεῖαι καὶ ἡ Μεγάλη Βρεταννία ὑπέβαλον νέας προτάσεις, αἱ ὁποῖαι ἀνοίγουν τὴν ὁδὸν διὰ τὴν ταχεῖαν συμφωνίαν. Αἱ παραχωρήσεις ἀφοροῦν τὸν ἀριθμὸν τῶν σταθμῶν ἐλέγχου καὶ τὴν σύνθεσιν τῆς ἐπιτροπῆς ἐπιθεωρήσεως.
ΑΙ ΑΜΕΡΙΚΑΝΙΚΑΙ ΠΡΟΤΑΣΕΙΣ
ΓΕΝΕΥΗ, 21. (Ἀσσ. Πρές). — Κατὰ τὴν ἔναρξιν τῆς σημερινῆς συνεδριάσεως τῆς διασκέψεως διὰ τὴν ἀπαγόρευσιν τῶν πυρηνικῶν δοκιμῶν, αἱ Ἡνωμέναι Πολιτεῖαι καὶ ἡ Μεγάλη Βρεταννία ὑπέβαλον νέας προτάσεις, αἱ ὁποῖαι ἀνοίγουν τὴν ὁδὸν διὰ τὴν ταχεῖαν συμφωνίαν. Αἱ παραχωρήσεις ἀφοροῦν τὸν ἀριθμὸν τῶν σταθμῶν ἐλέγχου καὶ τὴν σύνθεσιν τῆς ἐπιτροπῆς ἐπιθεωρήσεως.
Ο ΠΡΟΕΔΡΟΣ κ. ΚΕΝΝΕΝΤΥ ΔΗΛΟΙ ΟΤΙ ΑΙ ΗΝΩΜ. ΠΟΛΙΤΕΙΑΙ ΘΑ ΒΟΗΘΗΣΟΥΝ ΤΟ ΛΑΟΣ ΕΙΣ ΤΟΝ ΣΗΜΕΡΙΝΟΝ ΑΓΩΝΑ ΤΟΥ
ΟΥΑΣΙΓΚΤΩΝ, 21. (Ἀσσ. Πρές). — Ὁ πρόεδρος Κέννεντυ, ἀπευθύνων τὸ πρῶτον του μήνυμα πρὸς τὸν λαὸν τοῦ Λάος, διεκήρυξεν ὅτι αἱ Ἡνωμέναι Πολιτεῖαι θὰ βοηθήσουν τὸν λαὸν εἰς τὸν ἀγῶνα του διὰ τὴν διατήρησιν τῆς ἀνεξαρτησίας του. ΟΥΑΣΙΓΚΤΩΝ, 21. (Ἀσσ. Πρές). — Ὁ πρόεδρος Κέννεντυ, ἀπευθύνων τὸ πρῶτον του μήνυμα πρὸς τὸν λαὸν τοῦ Λάος, διεκήρυξεν ὅτι αἱ Ἡνωμέναι Πολιτεῖαι θὰ βοηθήσουν τὸν λαὸν εἰς τὸν ἀγῶνα του διὰ τὴν διατήρησιν τῆς ἀνεξαρτησίας του.
ΔΙΑΓΡΑΦΕΤΑΙ Ο ΚΙΝΔΥΝΟΣ ΔΙΧΟΤΟΜΗΣΕΩΣ
►►► ΣΥΝΕΧΕΙΑ ΤΗΣ ΣΕΛΙΔΟΣ
Ὡς ἐκ τούτου, ἡ κυβέρνησις τοῦ Λάος ἀντιμετωπίζει τὸν κίνδυνον διχοτομήσεως τῆς χώρας, ἐὰν δὲν ἐπιτευχθῇ ταχεῖα συνεννόησις μεταξὺ τῶν ἀντιπάλων παρατάξεων. Ὡς ἐκ τούτου, ἡ κυβέρνησις τοῦ Λάος ἀντιμετωπίζει τὸν κίνδυνον διχοτομήσεως τῆς χώρας, ἐὰν δὲν ἐπιτευχθῇ ταχεῖα συνεννόησις μεταξὺ τῶν ἀντιπάλων παρατάξεων.
Η ΠΡΟΤΑΣΙΣ ΤΟΥ ΦΟΥΜΑ
Ὡς ἐκ τούτου, ἡ κυβέρνησις τοῦ Λάος ἀντιμετωπίζει τὸν κίνδυνον διχοτομήσεως τῆς χώρας, ἐὰν δὲν ἐπιτευχθῇ ταχεῖα συνεννόησις μεταξὺ τῶν ἀντιπάλων παρατάξεων.
ΤΗΝ ΚΟΨΟΥΝ ΕΙΣ ΔΥΟ
Ὡς ἐκ τούτου, ἡ κυβέρνησις τοῦ Λάος ἀντιμετωπίζει τὸν κίνδυνον διχοτομήσεως τῆς χώρας, ἐὰν δὲν ἐπιτευχθῇ ταχεῖα συνεννόησις μεταξὺ τῶν ἀντιπάλων παρατάξεων.
ΕΠΑΝΕΡΧΕΤΑΙ Ο ΜΑΚΑΡΙΟΣ ΕΙΣ ΤΗΝ ΚΥΠΡΟΝ
Ὡς ἐκ τούτου, ἡ κυβέρνησις τοῦ Λάος ἀντιμετωπίζει τὸν κίνδυνον διχοτομήσεως τῆς χώρας, ἐὰν δὲν ἐπιτευχθῇ ταχεῖα συνεννόησις μεταξὺ τῶν ἀντιπάλων παρατάξεων.
Ὡς ἐκ τούτου, ἡ κυβέρνησις τοῦ Λάος ἀντιμετωπίζει τὸν κίνδυνον διχοτομήσεως τῆς χώρας, ἐὰν δὲν ἐπιτευχθῇ ταχεῖα συνεννόησις μεταξὺ τῶν ἀντιπάλων παρατάξεων.
ΟΥΑΣΙΓΚΤΩΝ, 21. (Ἀσσ. Πρές). — Ὁ πρόεδρος Κέννεντυ, ἀπευθύνων τὸ πρῶτον του μήνυμα πρὸς τὸν λαὸν τοῦ Λάος, διεκήρυξεν ὅτι αἱ Ἡνωμέναι Πολιτεῖαι θὰ βοηθήσουν τὸν λαὸν εἰς τὸν ἀγῶνα του διὰ τὴν διατήρησιν τῆς ἀνεξαρτησίας του.
Ὡς ἐκ τούτου, ἡ κυβέρνησις τοῦ Λάος ἀντιμετωπίζει τὸν κίνδυνον διχοτομήσεως τῆς χώρας, ἐὰν δὲν ἐπιτευχθῇ ταχεῖα συνεννόησις μεταξὺ τῶν ἀντιπάλων παρατάξεων.
ΗΥΞΗΘΗΣΑΝ ΑΙ ΚΑΤΑΘΕΣΕΙΣ ΕΙΣ ΤΡΑΠΕΖΑΣ
ΑΘΗΝΑΙ, 21.— Σύμφωνα μὲ τὰ στοιχεῖα τῆς Τραπέζης τῆς Ἑλλάδος, αἱ καταθέσεις εἰς τὰς τραπέζας ηὐξήθησαν κατὰ τὸν παρελθόντα μῆνα κατὰ 149.000.000 δραχμῶν. ΑΘΗΝΑΙ, 21.— Σύμφωνα μὲ τὰ στοιχεῖα τῆς Τραπέζης τῆς Ἑλλάδος, αἱ καταθέσεις εἰς τὰς τραπέζας ηὐξήθησαν κατὰ τὸν παρελθόντα μῆνα κατὰ 149.000.000 δραχμῶν.
Η ΡΩΣΣΙΑ ΚΑΙ Η ΒΡΕΤΤΑΝΙΑ
ΑΘΗΝΑΙ, 21.— Σύμφωνα μὲ τὰ στοιχεῖα τῆς Τραπέζης τῆς Ἑλλάδος, αἱ καταθέσεις εἰς τὰς τραπέζας ηὐξήθησαν κατὰ τὸν παρελθόντα μῆνα κατὰ 149.000.000 δραχμῶν. ΑΘΗΝΑΙ, 21.— Σύμφωνα μὲ τὰ στοιχεῖα τῆς Τραπέζης τῆς Ἑλλάδος, αἱ καταθέσεις εἰς τὰς τραπέζας ηὐξήθησαν κατὰ τὸν παρελθόντα μῆνα κατὰ 149.000.000 δραχμῶν.
Ἀναμένονται εἰς τὴν Βιέννην
ἐξέχοντες σταλινικοὶ ἡγέται
ΕΠ᾽ ΕΥΚΑΙΡΙΑ ΤΟΥ ΣΥΝΕΔΡΙΟΥ ΤΟΥ Κ. ΚΟΜΜΑΤΟΣ ΑΥΣΤΡΙΑΣ
ΒΙΕΝΝΗ, 21. (Ρόυτερ). — Ἐφημερὶς τῆς δεξιᾶς γράφει, ὅτι ἐξέχοντες σταλινικοὶ ἡγέται κομμουνιστικῶν κομμάτων ἀναμένονται εἰς Βιέννην διὰ νὰ παρακολουθήσουν τὸ συνέδριον τοῦ κομμουνιστικοῦ κόμματος τῆς Αὐστρίας. Μεταξὺ αὐτῶν ἀναφέρονται καὶ ἡγέται τῆς Ἀλβανίας. ΒΙΕΝΝΗ, 21. (Ρόυτερ). — Ἐφημερὶς τῆς δεξιᾶς γράφει, ὅτι ἐξέχοντες σταλινικοὶ ἡγέται κομμουνιστικῶν κομμάτων ἀναμένονται εἰς Βιέννην διὰ νὰ παρακολουθήσουν τὸ συνέδριον τοῦ κομμουνιστικοῦ κόμματος τῆς Αὐστρίας. Μεταξὺ αὐτῶν ἀναφέρονται καὶ ἡγέται τῆς Ἀλβανίας.
ΔΙ᾽ ΟΛΟΥΣ ΤΟΥΣ ΕΠΙΖΗΣΑΝΤΑΣ ΙΣΡΑΗΛΙΤΑΣ ΖΗΤΕΙ ΕΣΤΩ ΚΑΙ ΜΙΑΣ ΔΡΑΧ. ΑΠΟΖΗΜΙΩΣΙΝ Ο ΚΕΝΤΡΙΚΟΝ ΙΣΡΑΗΛΙΤΙΚΟΝ ΣΥΜΒΟΥΛΙΟΝ ΔΙΟΤΙ ΠΡΕΠΕΙ ΝΑ ΔΙΚΑΙΩΘΟΥΝ ΚΑΘΟΛΙΚΩΣ
ΑΘΗΝΑΙ, 21.— Τὸ κεντρικὸν Ἰσραηλιτικὸν Συμβούλιον ζητεῖ, ὅπως ἀπὸ τὰ ποσὰ τῶν γερμανικῶν ἀποζημιώσεων δοθῇ ἔστω καὶ μία δραχμὴ εἰς ἕκαστον τῶν ἐπιζησάντων, διότι πρέπει πάντες νὰ δικαιωθοῦν καθολικῶς. ΑΘΗΝΑΙ, 21.— Τὸ κεντρικὸν Ἰσραηλιτικὸν Συμβούλιον ζητεῖ, ὅπως ἀπὸ τὰ ποσὰ τῶν γερμανικῶν ἀποζημιώσεων δοθῇ ἔστω καὶ μία δραχμὴ εἰς ἕκαστον τῶν ἐπιζησάντων, διότι πρέπει πάντες νὰ δικαιωθοῦν καθολικῶς. ΑΘΗΝΑΙ, 21.— Τὸ κεντρικὸν Ἰσραηλιτικὸν Συμβούλιον ζητεῖ, ὅπως ἀπὸ τὰ ποσὰ τῶν γερμανικῶν ἀποζημιώσεων δοθῇ ἔστω καὶ μία δραχμὴ εἰς ἕκαστον τῶν ἐπιζησάντων, διότι πρέπει πάντες νὰ δικαιωθοῦν καθολικῶς.
Ο ΚΥΒΕΡΝΗΤΗΣ ΤΟΥ «ΦΟΡΡΕΣΤΑΛ» ΗΡΝΗΘΗ Ν᾽ ΑΠΑΝΤΗΣΗ ΑΝ ΚΟΜΙΖΗ ΠΥΡΗΝΙΚΑ ΟΠΛΑ
ΕΠΑΝΕΡΧΕΤΑΙ Ο ΜΑΚΑΡΙΟΣ ΕΙΣ ΤΗΝ ΚΥΠΡΟΝ
ΛΕΜΕΣΟΣ, 21. (Ρόυτερ). — Τὸ ἀμερικανικὸν ἀεροπλανοφόρον «Φορρεστάλ» κατέπλευσεν εἰς Λεμεσόν. Ὁ κυβερνήτης του ἠρνήθη ν᾽ ἀπαντήσῃ εἰς ἐρωτήσεις δημοσιογράφων, ἐὰν τὸ σκάφος κομίζῃ πυρηνικὰ ὅπλα. ΛΟΝΔΙΝΟΝ, 21.— Ὁ Ἀρχιεπίσκοπος Μακάριος ἐπανέρχεται εἰς Κύπρον.
Ο κ. ΓΕΩΡΓΚΑΤΖΗΣ ΕΙΣ ΑΓΓΛΙΑΝ
ΛΕΜΕΣΟΣ, 21. (Ρόυτερ). — Τὸ ἀμερικανικὸν ἀεροπλανοφόρον «Φορρεστάλ» κατέπλευσεν εἰς Λεμεσόν. Ὁ κυβερνήτης του ἠρνήθη ν᾽ ἀπαντήσῃ εἰς ἐρωτήσεις δημοσιογράφων, ἐὰν τὸ σκάφος κομίζῃ πυρηνικὰ ὅπλα. ΛΟΝΔΙΝΟΝ, 21.— Ὁ Ἀρχιεπίσκοπος Μακάριος ἐπανέρχεται εἰς Κύπρον.
ΕΠΙΣΚΕΨΙΣ Ο ΜΑΚΑΡΙΟΣ
ΛΕΜΕΣΟΣ, 21. (Ρόυτερ). — Τὸ ἀμερικανικὸν ἀεροπλανοφόρον «Φορρεστάλ» κατέπλευσεν εἰς Λεμεσόν. Ὁ κυβερνήτης του ἠρνήθη ν᾽ ἀπαντήσῃ εἰς ἐρωτήσεις δημοσιογράφων, ἐὰν τὸ σκάφος κομίζῃ πυρηνικὰ ὅπλα. ΛΟΝΔΙΝΟΝ, 21.— Ὁ Ἀρχιεπίσκοπος Μακάριος ἐπανέρχεται εἰς Κύπρον.
Ο ΡΕΚ ΠΑΡΑ ΤΟ Κ. Ε-Ι-ΜΕΡΗ
ΛΕΜΕΣΟΣ, 21. (Ρόυτερ). — Τὸ ἀμερικανικὸν ἀεροπλανοφόρον «Φορρεστάλ» κατέπλευσεν εἰς Λεμεσόν. Ὁ κυβερνήτης του ἠρνήθη ν᾽ ἀπαντήσῃ εἰς ἐρωτήσεις δημοσιογράφων, ἐὰν τὸ σκάφος κομίζῃ πυρηνικὰ ὅπλα. ΛΟΝΔΙΝΟΝ, 21.— Ὁ Ἀρχιεπίσκοπος Μακάριος ἐπανέρχεται εἰς Κύπρον.
ΕΚΚΛΗΣΙΣ ΟΠΩΣ ΣΤΑΛΟΥΝ ΑΜΕΣΩΣ ΤΡΟΦΙΜΑ ΕΙΣ ΤΟΥΣ ΛΙΜΩΤΤΟΝΤΑΣ ΚΟΓΚΟΛΕΖΟΥΣ
ΤΟ ΘΕΜΑ ΤΟΥ ΚΟΓΚΟ ΕΦΘΑΣΕΝ ΕΙΣ ΑΔΙΕΞΟΔΟΝ
ΒΡΥΞΕΛΛΑΙ, 21. (Γ.Π.). — Εἰς ἀνακοίνωσιν τῆς διεθνοῦς ὀργανώσεως διατροφῆς τῶν Ἡνωμένων Ἐθνῶν ἀναφέρεται ὅτι ἑκατοντάδες χιλιάδες Κογκολέζων λιμώττουν καὶ ἐπιβάλλεται ἡ ἄμεσος ἀποστολὴ τροφίμων. Τὸ θέμα τοῦ Κογκὸ ἔφθασεν εἰς ἀδιέξοδον κατὰ τὰς συνομιλίας. ΒΡΥΞΕΛΛΑΙ, 21. (Γ.Π.). — Εἰς ἀνακοίνωσιν τῆς διεθνοῦς ὀργανώσεως διατροφῆς τῶν Ἡνωμένων Ἐθνῶν ἀναφέρεται ὅτι ἑκατοντάδες χιλιάδες Κογκολέζων λιμώττουν καὶ ἐπιβάλλεται ἡ ἄμεσος ἀποστολὴ τροφίμων. Τὸ θέμα τοῦ Κογκὸ ἔφθασεν εἰς ἀδιέξοδον κατὰ τὰς συνομιλίας. ΒΡΥΞΕΛΛΑΙ, 21. (Γ.Π.). — Εἰς ἀνακοίνωσιν τῆς διεθνοῦς ὀργανώσεως διατροφῆς τῶν Ἡνωμένων Ἐθνῶν ἀναφέρεται ὅτι ἑκατοντάδες χιλιάδες Κογκολέζων λιμώττουν καὶ ἐπιβάλλεται ἡ ἄμεσος ἀποστολὴ τροφίμων. Τὸ θέμα τοῦ Κογκὸ ἔφθασεν εἰς ἀδιέξοδον κατὰ τὰς συνομιλίας. ΒΡΥΞΕΛΛΑΙ, 21. (Γ.Π.). — Εἰς ἀνακοίνωσιν τῆς διεθνοῦς ὀργανώσεως διατροφῆς τῶν Ἡνωμένων Ἐθνῶν ἀναφέρεται ὅτι ἑκατοντάδες χιλιάδες Κογκολέζων λιμώττουν καὶ ἐπιβάλλεται ἡ ἄμεσος ἀποστολὴ τροφίμων. Τὸ θέμα τοῦ Κογκὸ ἔφθασεν εἰς ἀδιέξοδον κατὰ τὰς συνομιλίας.
ΑΝΤΙΚΥΒΕΡΝΗΤΙΚΟΙ ΠΕΡΣΑΙ ΣΠΟΥΔΑΣΤΑΙ ΠΡΟΥΚΑΛΕΣΑΝ ΕΠΕΙΣΟΔΙΑ ΕΙΣ ΟΥΑΣΙΓΚΤΩΝ ΠΑΡΟΥΣΙΑ ΤΟΥ ΠΡΕΣΒΕΥΤΟΥ ΤΗΣ ΠΕΡΣΙΑΣ
ΟΥΑΣΙΓΚΤΩΝ, 21. (Ρόυτερ). — Πέρσαι σπουδασταὶ ἀντικυβερνητικῶν πεποιθήσεων προεκάλεσαν ἐπεισόδια κατὰ τὴν διάρκειαν δεξιώσεως παρουσίᾳ τοῦ πρεσβευτοῦ τῆς Περσίας. ΟΥΑΣΙΓΚΤΩΝ, 21. (Ρόυτερ). — Πέρσαι σπουδασταὶ ἀντικυβερνητικῶν πεποιθήσεων προεκάλεσαν ἐπεισόδια κατὰ τὴν διάρκειαν δεξιώσεως παρουσίᾳ τοῦ πρεσβευτοῦ τῆς Περσίας. ΟΥΑΣΙΓΚΤΩΝ, 21. (Ρόυτερ). — Πέρσαι σπουδασταὶ ἀντικυβερνητικῶν πεποιθήσεων προεκάλεσαν ἐπεισόδια κατὰ τὴν διάρκειαν δεξιώσεως παρουσίᾳ τοῦ πρεσβευτοῦ τῆς Περσίας.
ΠΟΣΟΙ ΔΗΜΟΙ, ΚΟΙΝΟΤΗΤΕΣ, ΟΡΓΑΝΙΣΜΟΙ ΕΒΡΑΒΕΥΘΗΣΑΝ ΔΙΑ ΤΗΝ ΕΚΤΕΛΕΣΙΝ ΣΗΜΑΝΤΙΚΩΝ ΚΟΙΝΩΦΕΛΩΝ ΕΡΓΩΝ
ΑΘΗΝΑΙ, 21.— Τὸ ὑπουργεῖον τῶν Ἐσωτερικῶν ἀνεκοίνωσε τοὺς δήμους, κοινότητας καὶ ὀργανισμοὺς τῆς χώρας οἵτινες ἐβραβεύθησαν διὰ τὴν ἐκτέλεσιν σημαντικῶν κοινωφελῶν ἔργων κατὰ τὸ παρελθὸν ἔτος. Οἱ βραβευθέντες θὰ λάβουν χρηματικὰ ἔπαθλα. ΑΘΗΝΑΙ, 21.— Τὸ ὑπουργεῖον τῶν Ἐσωτερικῶν ἀνεκοίνωσε τοὺς δήμους, κοινότητας καὶ ὀργανισμοὺς τῆς χώρας οἵτινες ἐβραβεύθησαν διὰ τὴν ἐκτέλεσιν σημαντικῶν κοινωφελῶν ἔργων κατὰ τὸ παρελθὸν ἔτος. Οἱ βραβευθέντες θὰ λάβουν χρηματικὰ ἔπαθλα. ΑΘΗΝΑΙ, 21.— Τὸ ὑπουργεῖον τῶν Ἐσωτερικῶν ἀνεκοίνωσε τοὺς δήμους, κοινότητας καὶ ὀργανισμοὺς τῆς χώρας οἵτινες ἐβραβεύθησαν διὰ τὴν ἐκτέλεσιν σημαντικῶν κοινωφελῶν ἔργων κατὰ τὸ παρελθὸν ἔτος. Οἱ βραβευθέντες θὰ λάβουν χρηματικὰ ἔπαθλα. ΑΘΗΝΑΙ, 21.— Τὸ ὑπουργεῖον τῶν Ἐσωτερικῶν ἀνεκοίνωσε τοὺς δήμους, κοινότητας καὶ ὀργανισμοὺς τῆς χώρας οἵτινες ἐβραβεύθησαν διὰ τὴν ἐκτέλεσιν σημαντικῶν κοινωφελῶν ἔργων κατὰ τὸ παρελθὸν ἔτος. Οἱ βραβευθέντες θὰ λάβουν χρηματικὰ ἔπαθλα.
ΕΝΤΟΣ ΤΗΣ ΕΒΔΟΜΑΔΟΣ ΘΑ ΤΕΡΜΑΤΙΣΘΟΥΝ ΑΙ ΣΥΝΟΜΙΛΙΑΙ ΕΛΛΑΔΟΣ — Δ. ΓΕΡΜΑΝΙΑΣ
ΑΘΗΝΑΙ, 21.— Ἐντὸς τῆς ἑβδομάδος θὰ τερματισθοῦν αἱ συνομιλίαι μεταξὺ Ἑλλάδος καὶ Δυτικῆς Γερμανίας διὰ τὴν χορήγησιν δανείου 200.000.000 μάρκων πρὸς ἐκτέλεσιν παραγωγικῶν ἔργων. ΑΘΗΝΑΙ, 21.— Ἐντὸς τῆς ἑβδομάδος θὰ τερματισθοῦν αἱ συνομιλίαι μεταξὺ Ἑλλάδος καὶ Δυτικῆς Γερμανίας διὰ τὴν χορήγησιν δανείου 200.000.000 μάρκων πρὸς ἐκτέλεσιν παραγωγικῶν ἔργων. ΑΘΗΝΑΙ, 21.— Ἐντὸς τῆς ἑβδομάδος θὰ τερματισθοῦν αἱ συνομιλίαι μεταξὺ Ἑλλάδος καὶ Δυτικῆς Γερμανίας διὰ τὴν χορήγησιν δανείου 200.000.000 μάρκων πρὸς ἐκτέλεσιν παραγωγικῶν ἔργων. ΑΘΗΝΑΙ, 21.— Ἐντὸς τῆς ἑβδομάδος θὰ τερματισθοῦν αἱ συνομιλίαι μεταξὺ Ἑλλάδος καὶ Δυτικῆς Γερμανίας διὰ τὴν χορήγησιν δανείου 200.000.000 μάρκων πρὸς ἐκτέλεσιν παραγωγικῶν ἔργων.
ΣΥΜΦΩΝΙΑ ΟΙΚΟΝΟΜΙΚΗΣ ΣΥΝΕΡΓΑΣΙΑΣ ΜΕΤΑΞΥ ΓΙΟΥΓΚΟΣΛΑΒΙΑΣ ΚΑΙ ΤΗΣ Η.Α.Δ.
ΚΑΪΡΟΝ, 21. (Ρόυτερ). — Ὑπεγράφη σήμερον συμφωνία οἰκονομικῆς συνεργασίας μεταξὺ τῆς Γιουγκοσλαβίας καὶ τῆς Ἡνωμένης Ἀραβικῆς Δημοκρατίας. ΚΑΪΡΟΝ, 21. (Ρόυτερ). — Ὑπεγράφη σήμερον συμφωνία οἰκονομικῆς συνεργασίας μεταξὺ τῆς Γιουγκοσλαβίας καὶ τῆς Ἡνωμένης Ἀραβικῆς Δημοκρατίας. ΚΑΪΡΟΝ, 21. (Ρόυτερ). — Ὑπεγράφη σήμερον συμφωνία οἰκονομικῆς συνεργασίας μεταξὺ τῆς Γιουγκοσλαβίας καὶ τῆς Ἡνωμένης Ἀραβικῆς Δημοκρατίας.
ΑΠΕΛΑΥΝΕΤΑΙ ΕΚ ΠΑΡΙΣΙΩΝ ΩΣ ΚΑΤΑΣΚΟΠΟΣ Ο ΣΤΡΑΤΙΩΤΙΚΟΣ ΑΚΟΛΟΥΘΟΣ ΤΗΣ ΠΟΛΩΝΙΑΣ
ΠΑΡΙΣΙΟΙ, 21. (Ἀσσ. Πρές). — Ἡ γαλλικὴ κυβέρνησις ἀπεφάσισε τὴν ἀπέλασιν τοῦ στρατιωτικοῦ ἀκολούθου τῆς πολωνικῆς πρεσβείας, ὡς ἐπιδοθέντος εἰς κατασκοπείαν. ΠΑΡΙΣΙΟΙ, 21. (Ἀσσ. Πρές). — Ἡ γαλλικὴ κυβέρνησις ἀπεφάσισε τὴν ἀπέλασιν τοῦ στρατιωτικοῦ ἀκολούθου τῆς πολωνικῆς πρεσβείας, ὡς ἐπιδοθέντος εἰς κατασκοπείαν. ΠΑΡΙΣΙΟΙ, 21. (Ἀσσ. Πρές). — Ἡ γαλλικὴ κυβέρνησις ἀπεφάσισε τὴν ἀπέλασιν τοῦ στρατιωτικοῦ ἀκολούθου τῆς πολωνικῆς πρεσβείας, ὡς ἐπιδοθέντος εἰς κατασκοπείαν.
